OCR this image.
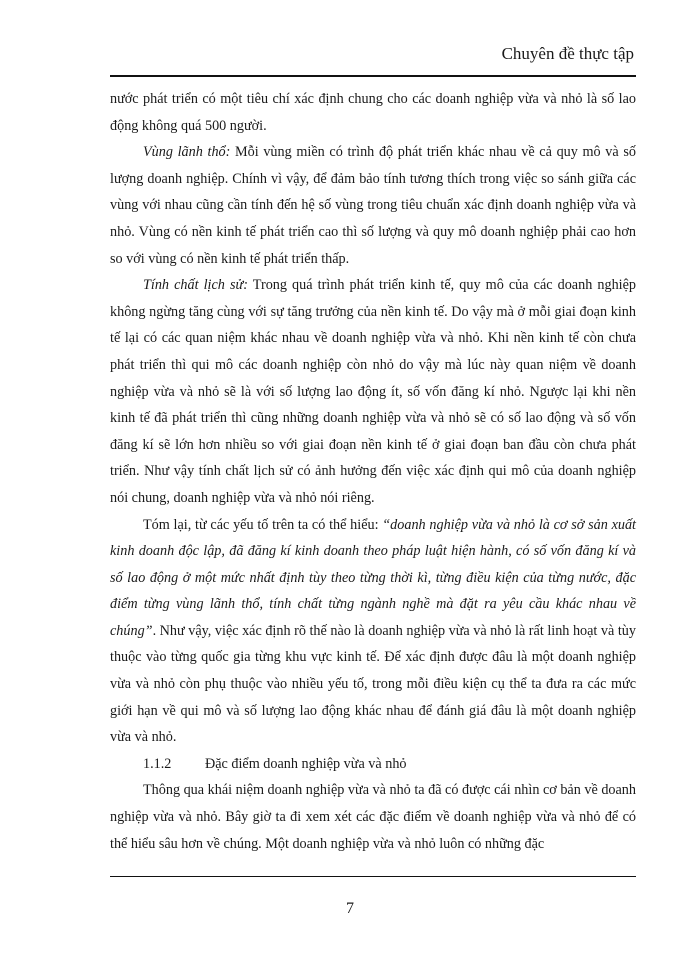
Chuyên đề thực tập

nước phát triển có một tiêu chí xác định chung cho các doanh nghiệp vừa và nhỏ là số lao động không quá 500 người.

Vùng lãnh thổ: Mỗi vùng miền có trình độ phát triển khác nhau về cả quy mô và số lượng doanh nghiệp. Chính vì vậy, để đảm bảo tính tương thích trong việc so sánh giữa các vùng với nhau cũng cần tính đến hệ số vùng trong tiêu chuẩn xác định doanh nghiệp vừa và nhỏ. Vùng có nền kinh tế phát triển cao thì số lượng và quy mô doanh nghiệp phải cao hơn so với vùng có nền kinh tế phát triển thấp.

Tính chất lịch sử: Trong quá trình phát triển kinh tế, quy mô của các doanh nghiệp không ngừng tăng cùng với sự tăng trưởng của nền kinh tế. Do vậy mà ở mỗi giai đoạn kinh tế lại có các quan niệm khác nhau về doanh nghiệp vừa và nhỏ. Khi nền kinh tế còn chưa phát triển thì qui mô các doanh nghiệp còn nhỏ do vậy mà lúc này quan niệm về doanh nghiệp vừa và nhỏ sẽ là với số lượng lao động ít, số vốn đăng kí nhỏ. Ngược lại khi nền kinh tế đã phát triển thì cũng những doanh nghiệp vừa và nhỏ sẽ có số lao động và số vốn đăng kí sẽ lớn hơn nhiều so với giai đoạn nền kinh tế ở giai đoạn ban đầu còn chưa phát triển. Như vậy tính chất lịch sử có ảnh hưởng đến việc xác định qui mô của doanh nghiệp nói chung, doanh nghiệp vừa và nhỏ nói riêng.

Tóm lại, từ các yếu tố trên ta có thể hiểu: “doanh nghiệp vừa và nhỏ là cơ sở sản xuất kinh doanh độc lập, đã đăng kí kinh doanh theo pháp luật hiện hành, có số vốn đăng kí và số lao động ở một mức nhất định tùy theo từng thời kì, từng điều kiện của từng nước, đặc điểm từng vùng lãnh thổ, tính chất từng ngành nghề mà đặt ra yêu cầu khác nhau về chúng”. Như vậy, việc xác định rõ thế nào là doanh nghiệp vừa và nhỏ là rất linh hoạt và tùy thuộc vào từng quốc gia từng khu vực kinh tế. Để xác định được đâu là một doanh nghiệp vừa và nhỏ còn phụ thuộc vào nhiều yếu tố, trong mỗi điều kiện cụ thể ta đưa ra các mức giới hạn về qui mô và số lượng lao động khác nhau để đánh giá đâu là một doanh nghiệp vừa và nhỏ.

1.1.2	Đặc điểm doanh nghiệp vừa và nhỏ

Thông qua khái niệm doanh nghiệp vừa và nhỏ ta đã có được cái nhìn cơ bản về doanh nghiệp vừa và nhỏ. Bây giờ ta đi xem xét các đặc điểm về doanh nghiệp vừa và nhỏ để có thể hiểu sâu hơn về chúng. Một doanh nghiệp vừa và nhỏ luôn có những đặc

7
